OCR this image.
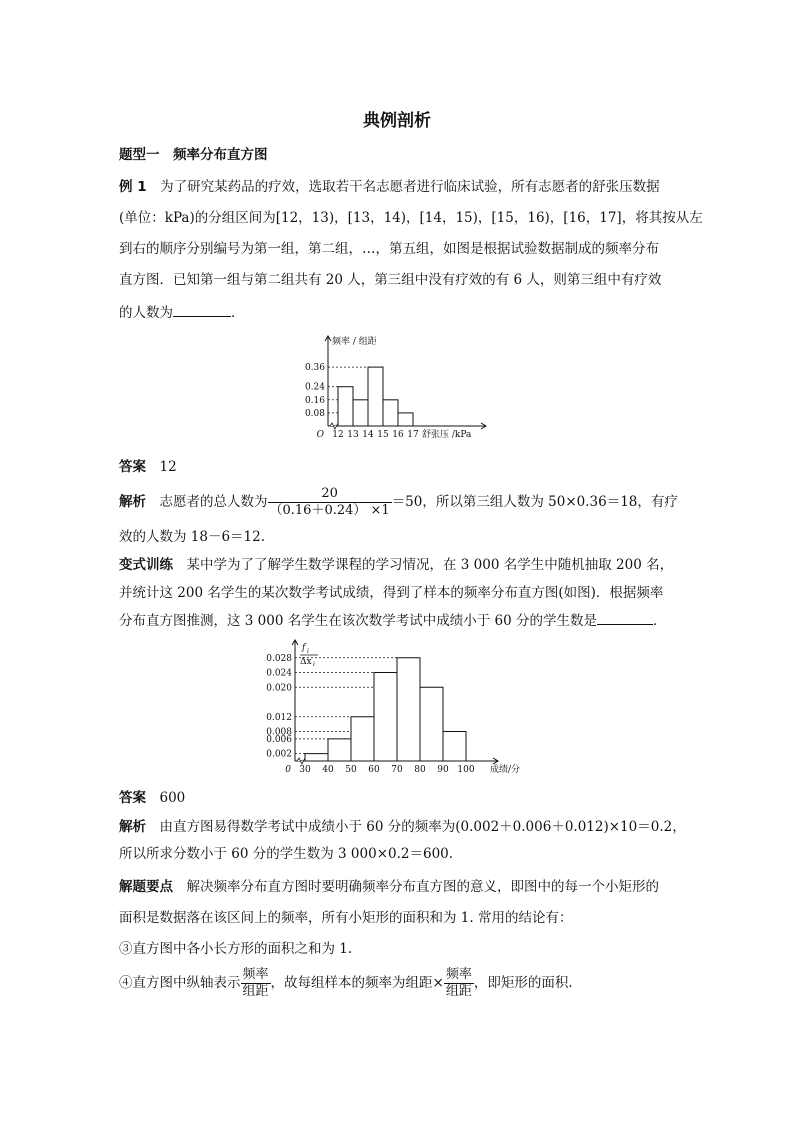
典例剖析
题型一　 频率分布直方图
例 1　 为了研究某药品的疗效，选取若干名志愿者进行临床试验，所有志愿者的舒张压数据
(单位：kPa)的分组区间为[12，13)，[13，14)，[14，15)，[15，16)，[16，17]，将其按从左
到右的顺序分别编号为第一组，第二组，…，第五组，如图是根据试验数据制成的频率分布
直方图．已知第一组与第二组共有 20 人，第三组中没有疗效的有 6 人，则第三组中有疗效
的人数为	．
0.08
0.16
0.24
0.36
12 13 14 15 16 17
O	舒张压 /kPa
频率 / 组距
答案　 12
解析　 志愿者的总人数为 $\frac{20}{(0.16+0.24) \times 1} =50$，所以第三组人数为 50×0.36＝18，有疗
效的人数为 18－6＝12.
变式训练　 某中学为了了解学生数学课程的学习情况，在 3 000 名学生中随机抽取 200 名，
并统计这 200 名学生的某次数学考试成绩，得到了样本的频率分布直方图(如图)．根据频率
分布直方图推测，这 3 000 名学生在该次数学考试中成绩小于 60 分的学生数是	．
0.002
0.006
0.008
0.012
0.020
0.024
0.028
30 40 50 60 70 80 90 100
0	成绩/分
f i
Δx i
答案　 600
解析　 由直方图易得数学考试中成绩小于 60 分的频率为(0.002＋0.006＋0.012)×10＝0.2，
所以所求分数小于 60 分的学生数为 3 000×0.2＝600.
解题要点　 解决频率分布直方图时要明确频率分布直方图的意义，即图中的每一个小矩形的
面积是数据落在该区间上的频率，所有小矩形的面积和为 1. 常用的结论有：
③直方图中各小长方形的面积之和为 1.
④直方图中纵轴表示 $\frac{\text{频率}}{\text{组距}}$ ，故每组样本的频率为组距× $\frac{\text{频率}}{\text{组距}}$ ，即矩形的面积．
